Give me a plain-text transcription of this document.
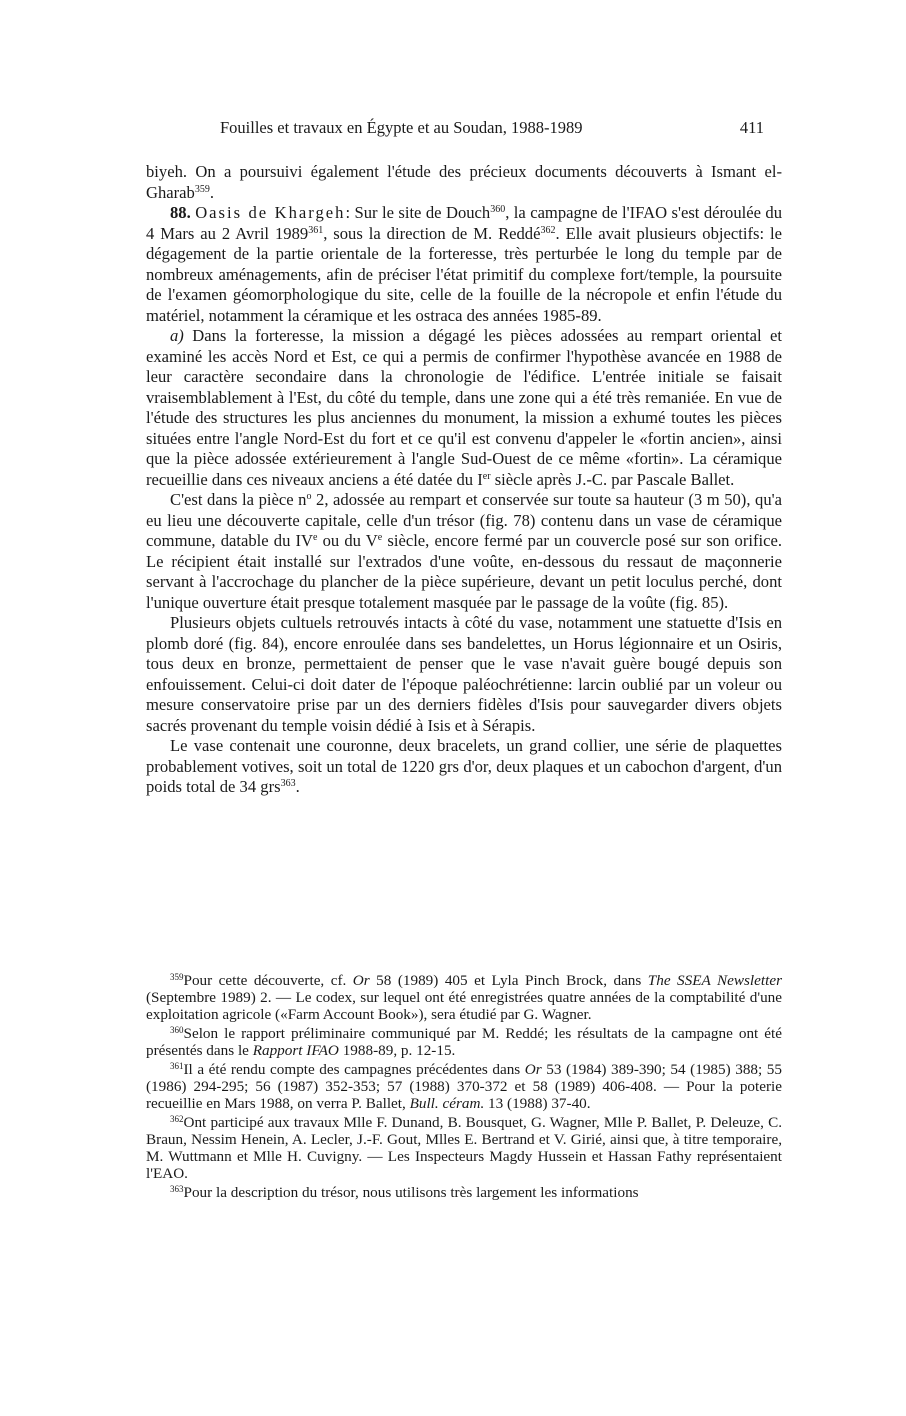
Fouilles et travaux en Égypte et au Soudan, 1988-1989	411

biyeh. On a poursuivi également l'étude des précieux documents découverts à Ismant el-Gharab$^{359}$.

88. Oasis de Khargeh: Sur le site de Douch$^{360}$, la campagne de l'IFAO s'est déroulée du 4 Mars au 2 Avril 1989$^{361}$, sous la direction de M. Reddé$^{362}$. Elle avait plusieurs objectifs: le dégagement de la partie orientale de la forteresse, très perturbée le long du temple par de nombreux aménagements, afin de préciser l'état primitif du complexe fort/temple, la poursuite de l'examen géomorphologique du site, celle de la fouille de la nécropole et enfin l'étude du matériel, notamment la céramique et les ostraca des années 1985-89.

a) Dans la forteresse, la mission a dégagé les pièces adossées au rempart oriental et examiné les accès Nord et Est, ce qui a permis de confirmer l'hypothèse avancée en 1988 de leur caractère secondaire dans la chronologie de l'édifice. L'entrée initiale se faisait vraisemblablement à l'Est, du côté du temple, dans une zone qui a été très remaniée. En vue de l'étude des structures les plus anciennes du monument, la mission a exhumé toutes les pièces situées entre l'angle Nord-Est du fort et ce qu'il est convenu d'appeler le «fortin ancien», ainsi que la pièce adossée extérieurement à l'angle Sud-Ouest de ce même «fortin». La céramique recueillie dans ces niveaux anciens a été datée du Ier siècle après J.-C. par Pascale Ballet.

C'est dans la pièce $n^o$ 2, adossée au rempart et conservée sur toute sa hauteur (3 m 50), qu'a eu lieu une découverte capitale, celle d'un trésor (fig. 78) contenu dans un vase de céramique commune, datable du IVe ou du Ve siècle, encore fermé par un couvercle posé sur son orifice. Le récipient était installé sur l'extrados d'une voûte, en-dessous du ressaut de maçonnerie servant à l'accrochage du plancher de la pièce supérieure, devant un petit loculus perché, dont l'unique ouverture était presque totalement masquée par le passage de la voûte (fig. 85).

Plusieurs objets cultuels retrouvés intacts à côté du vase, notamment une statuette d'Isis en plomb doré (fig. 84), encore enroulée dans ses bandelettes, un Horus légionnaire et un Osiris, tous deux en bronze, permettaient de penser que le vase n'avait guère bougé depuis son enfouissement. Celui-ci doit dater de l'époque paléochrétienne: larcin oublié par un voleur ou mesure conservatoire prise par un des derniers fidèles d'Isis pour sauvegarder divers objets sacrés provenant du temple voisin dédié à Isis et à Sérapis.

Le vase contenait une couronne, deux bracelets, un grand collier, une série de plaquettes probablement votives, soit un total de 1220 grs d'or, deux plaques et un cabochon d'argent, d'un poids total de 34 grs$^{363}$.

$^{359}$Pour cette découverte, cf. Or 58 (1989) 405 et Lyla Pinch Brock, dans The SSEA Newsletter (Septembre 1989) 2. — Le codex, sur lequel ont été enregistrées quatre années de la comptabilité d'une exploitation agricole («Farm Account Book»), sera étudié par G. Wagner.

$^{360}$Selon le rapport préliminaire communiqué par M. Reddé; les résultats de la campagne ont été présentés dans le Rapport IFAO 1988-89, p. 12-15.

$^{361}$Il a été rendu compte des campagnes précédentes dans Or 53 (1984) 389-390; 54 (1985) 388; 55 (1986) 294-295; 56 (1987) 352-353; 57 (1988) 370-372 et 58 (1989) 406-408. — Pour la poterie recueillie en Mars 1988, on verra P. Ballet, Bull. céram. 13 (1988) 37-40.

$^{362}$Ont participé aux travaux Mlle F. Dunand, B. Bousquet, G. Wagner, Mlle P. Ballet, P. Deleuze, C. Braun, Nessim Henein, A. Lecler, J.-F. Gout, Mlles E. Bertrand et V. Girié, ainsi que, à titre temporaire, M. Wuttmann et Mlle H. Cuvigny. — Les Inspecteurs Magdy Hussein et Hassan Fathy représentaient l'EAO.

$^{363}$Pour la description du trésor, nous utilisons très largement les informations
